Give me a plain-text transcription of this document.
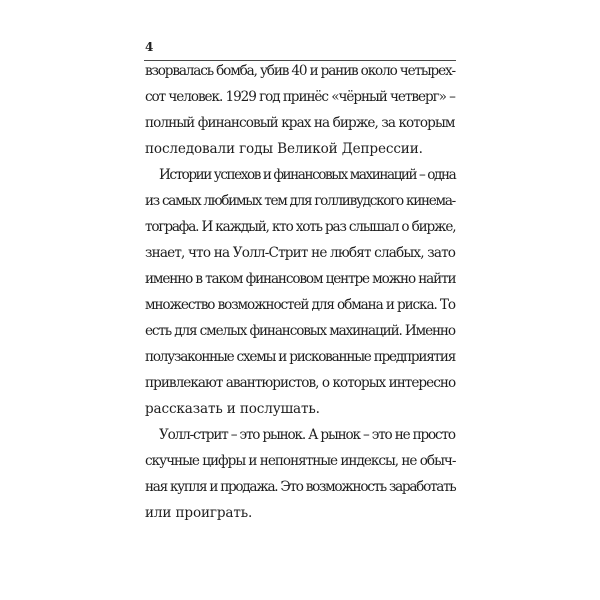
4
взорвалась бомба, убив 40 и ранив около четырех-
сот человек. 1929 год принёс «чёрный четверг» –
полный финансовый крах на бирже, за которым
последовали годы Великой Депрессии.
Истории успехов и финансовых махинаций – одна
из самых любимых тем для голливудского кинема-
тографа. И каждый, кто хоть раз слышал о бирже,
знает, что на Уолл-Стрит не любят слабых, зато
именно в таком финансовом центре можно найти
множество возможностей для обмана и риска. То
есть для смелых финансовых махинаций. Именно
полузаконные схемы и рискованные предприятия
привлекают авантюристов, о которых интересно
рассказать и послушать.
Уолл-стрит – это рынок. А рынок – это не просто
скучные цифры и непонятные индексы, не обыч-
ная купля и продажа. Это возможность заработать
или проиграть.
